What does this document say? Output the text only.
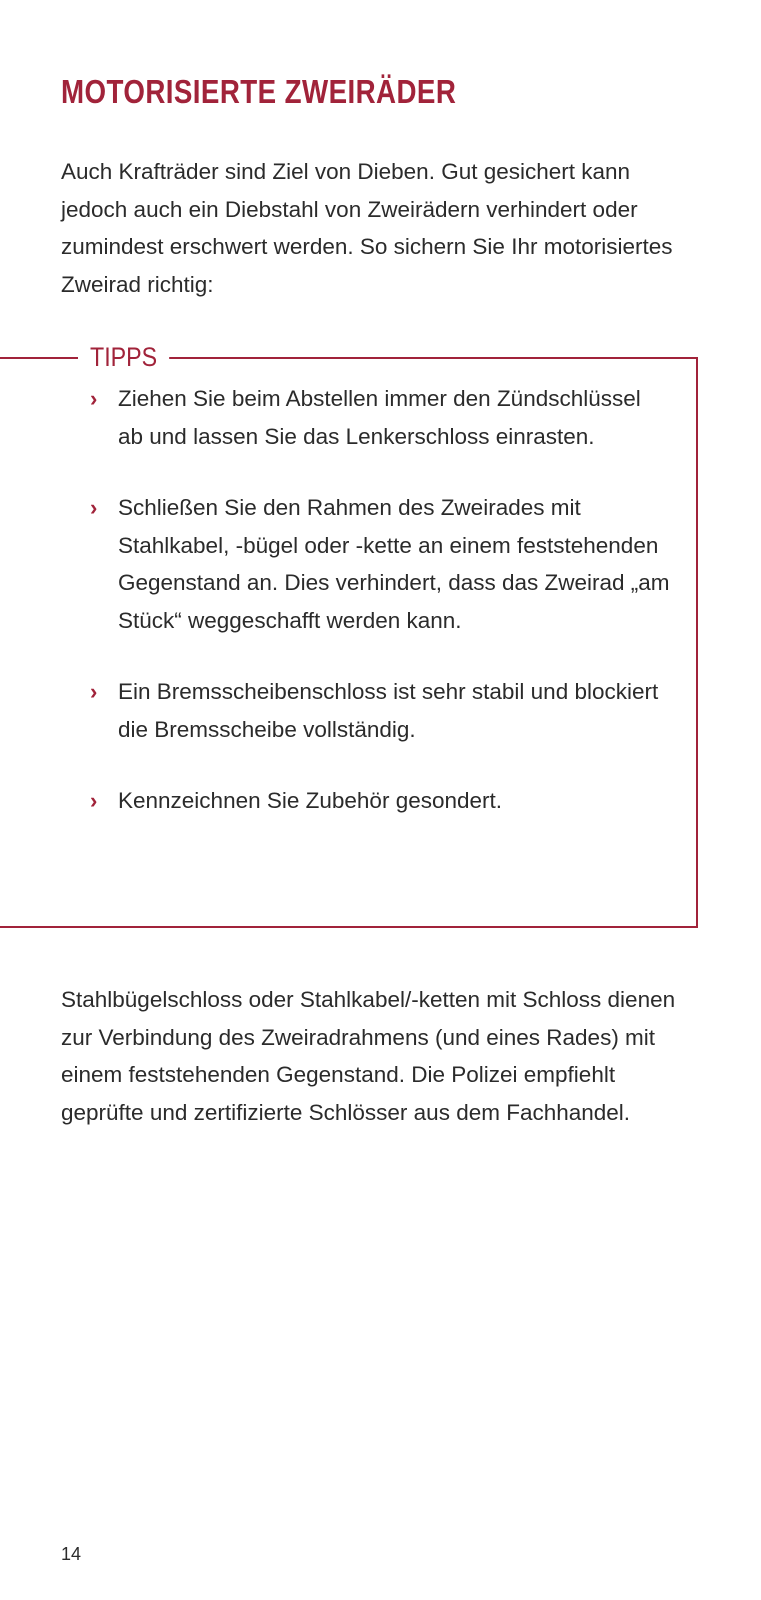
MOTORISIERTE ZWEIRÄDER

Auch Krafträder sind Ziel von Dieben. Gut gesichert kann jedoch auch ein Diebstahl von Zweirädern verhindert oder zumindest erschwert werden. So sichern Sie Ihr motorisiertes Zweirad richtig:

TIPPS
› Ziehen Sie beim Abstellen immer den Zündschlüssel ab und lassen Sie das Lenkerschloss einrasten.
› Schließen Sie den Rahmen des Zweirades mit Stahlkabel, -bügel oder -kette an einem feststehenden Gegenstand an. Dies verhindert, dass das Zweirad „am Stück“ weggeschafft werden kann.
› Ein Bremsscheibenschloss ist sehr stabil und blockiert die Bremsscheibe vollständig.
› Kennzeichnen Sie Zubehör gesondert.

Stahlbügelschloss oder Stahlkabel/-ketten mit Schloss dienen zur Verbindung des Zweiradrahmens (und eines Rades) mit einem feststehenden Gegenstand. Die Polizei empfiehlt geprüfte und zertifizierte Schlösser aus dem Fachhandel.

14
